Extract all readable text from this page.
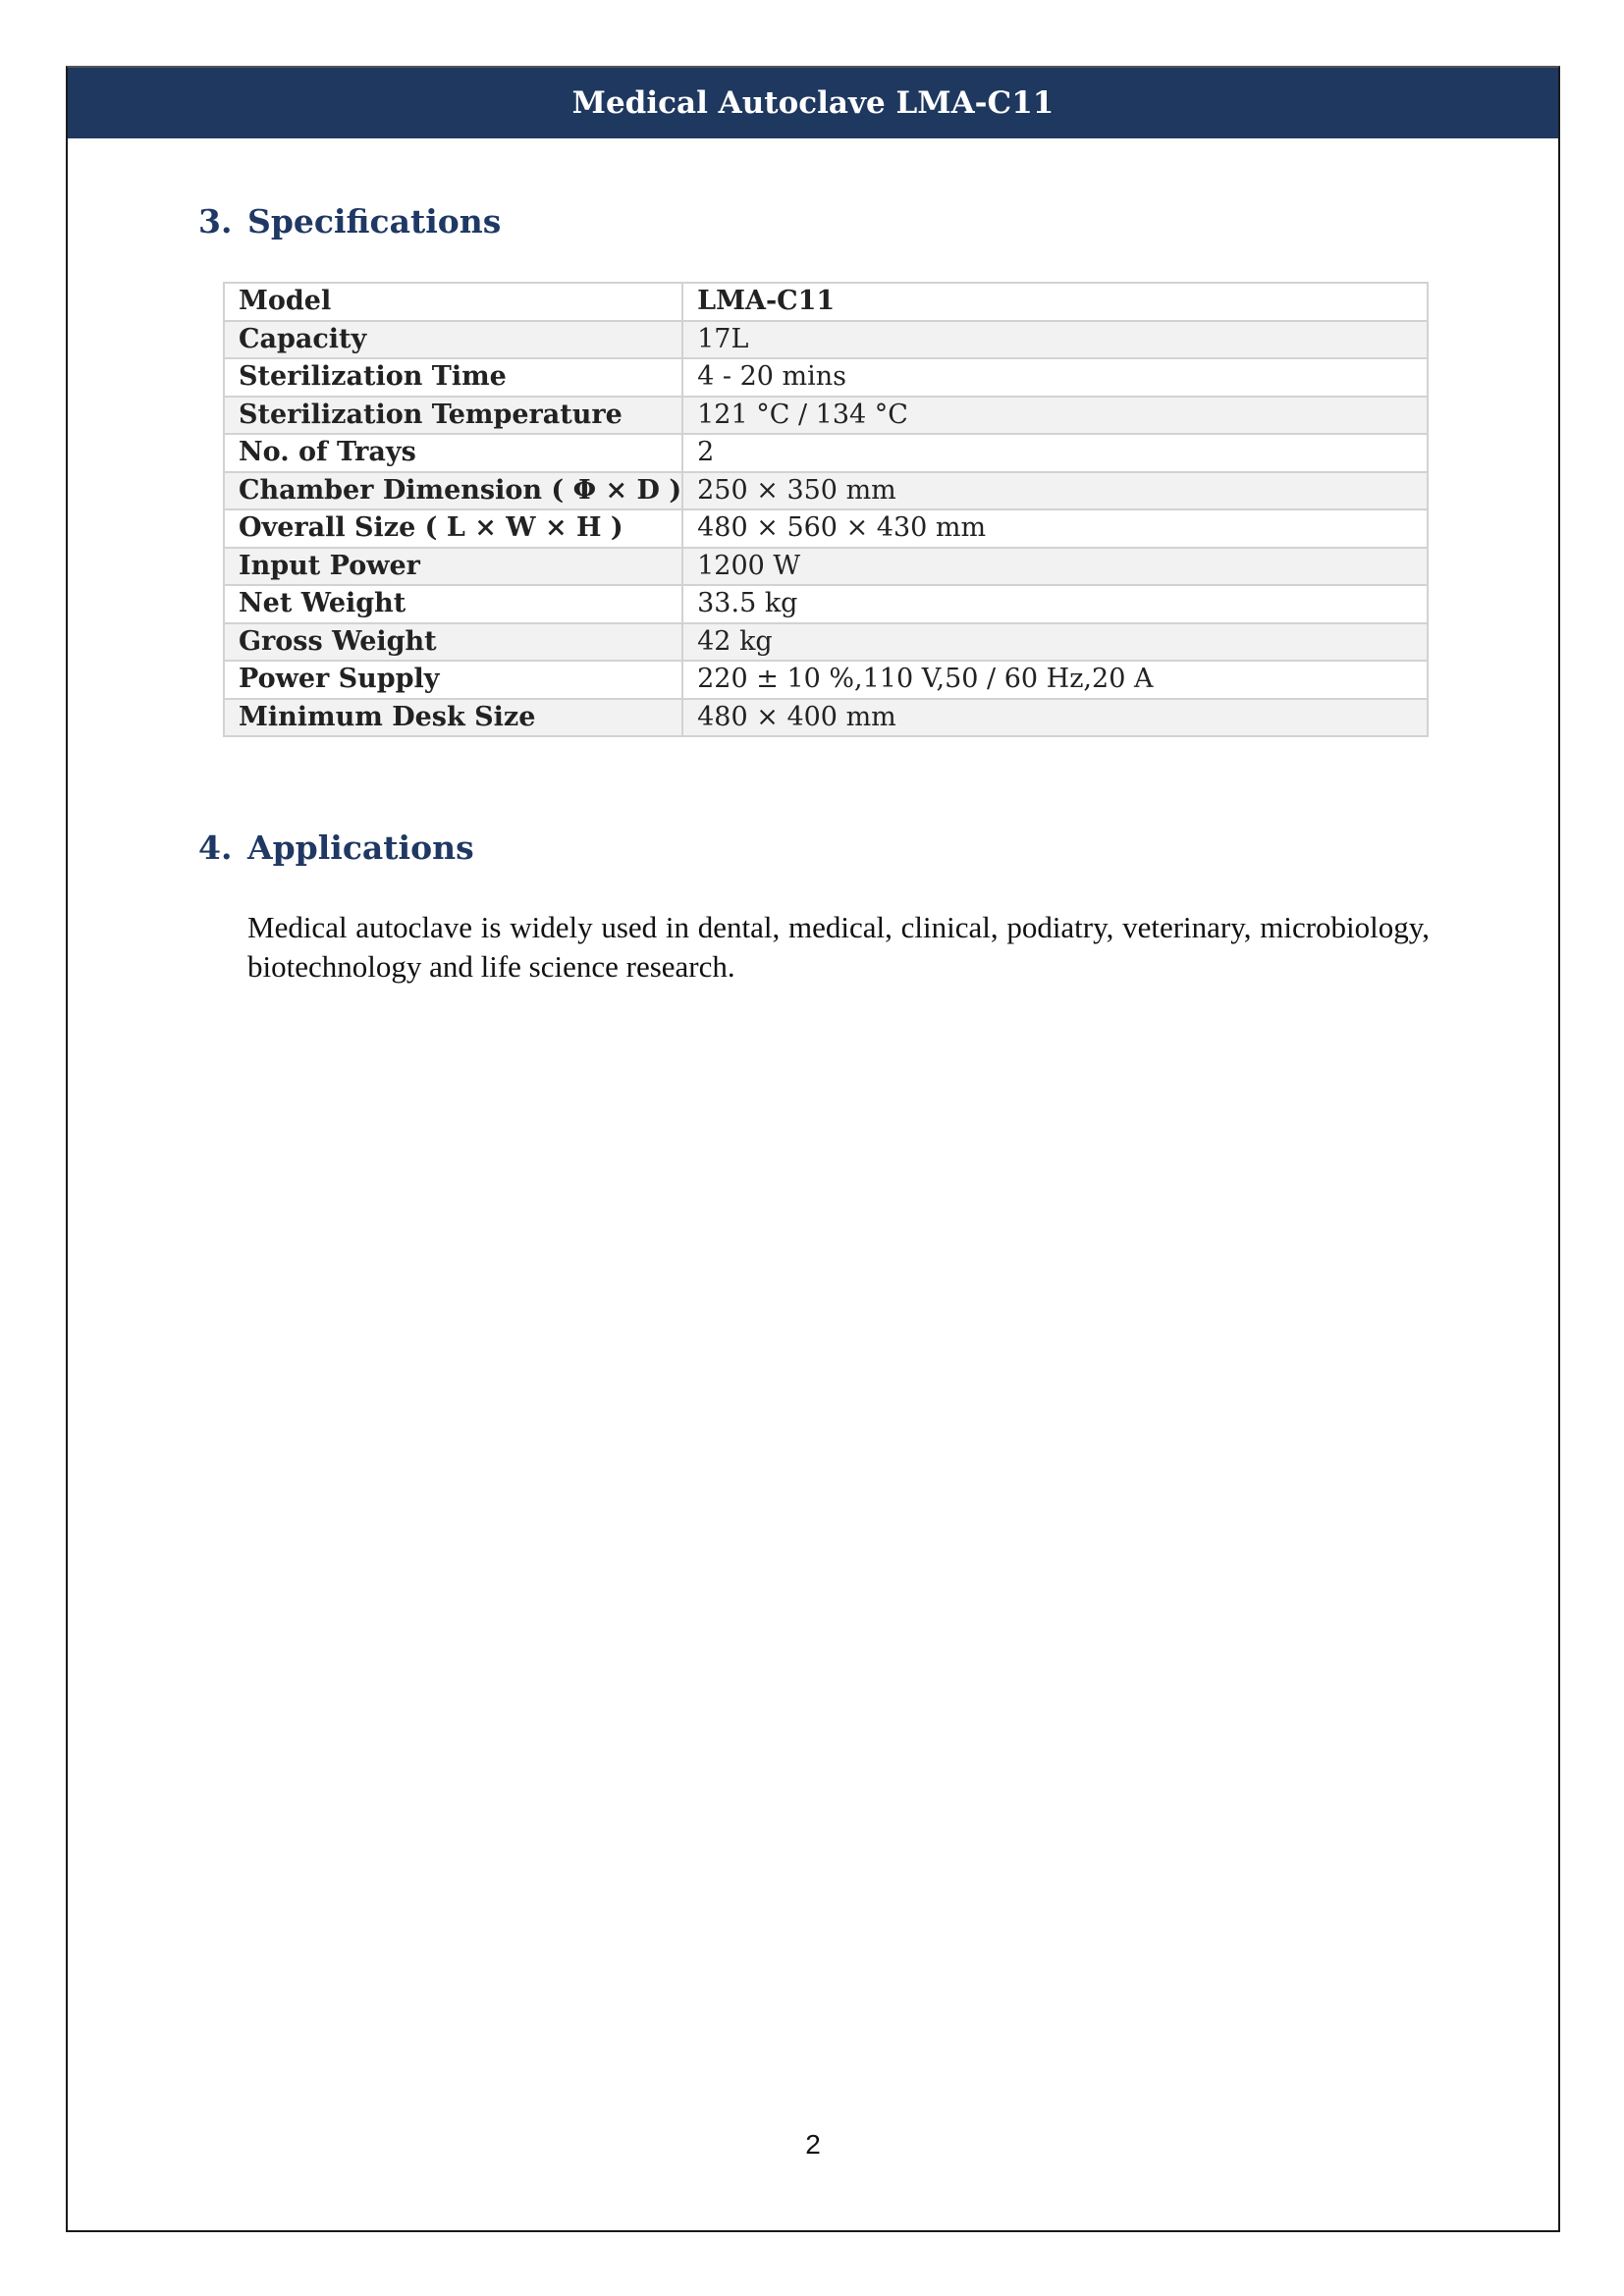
Medical Autoclave LMA-C11
3. Specifications
Model	LMA-C11
Capacity	17L
Sterilization Time	4 - 20 mins
Sterilization Temperature	121 °C / 134 °C
No. of Trays	2
Chamber Dimension ( Φ × D )	250 × 350 mm
Overall Size ( L × W × H )	480 × 560 × 430 mm
Input Power	1200 W
Net Weight	33.5 kg
Gross Weight	42 kg
Power Supply	220 ± 10 %,110 V,50 / 60 Hz,20 A
Minimum Desk Size	480 × 400 mm
4. Applications

Medical autoclave is widely used in dental, medical, clinical, podiatry, veterinary, microbiology, biotechnology and life science research.

2
